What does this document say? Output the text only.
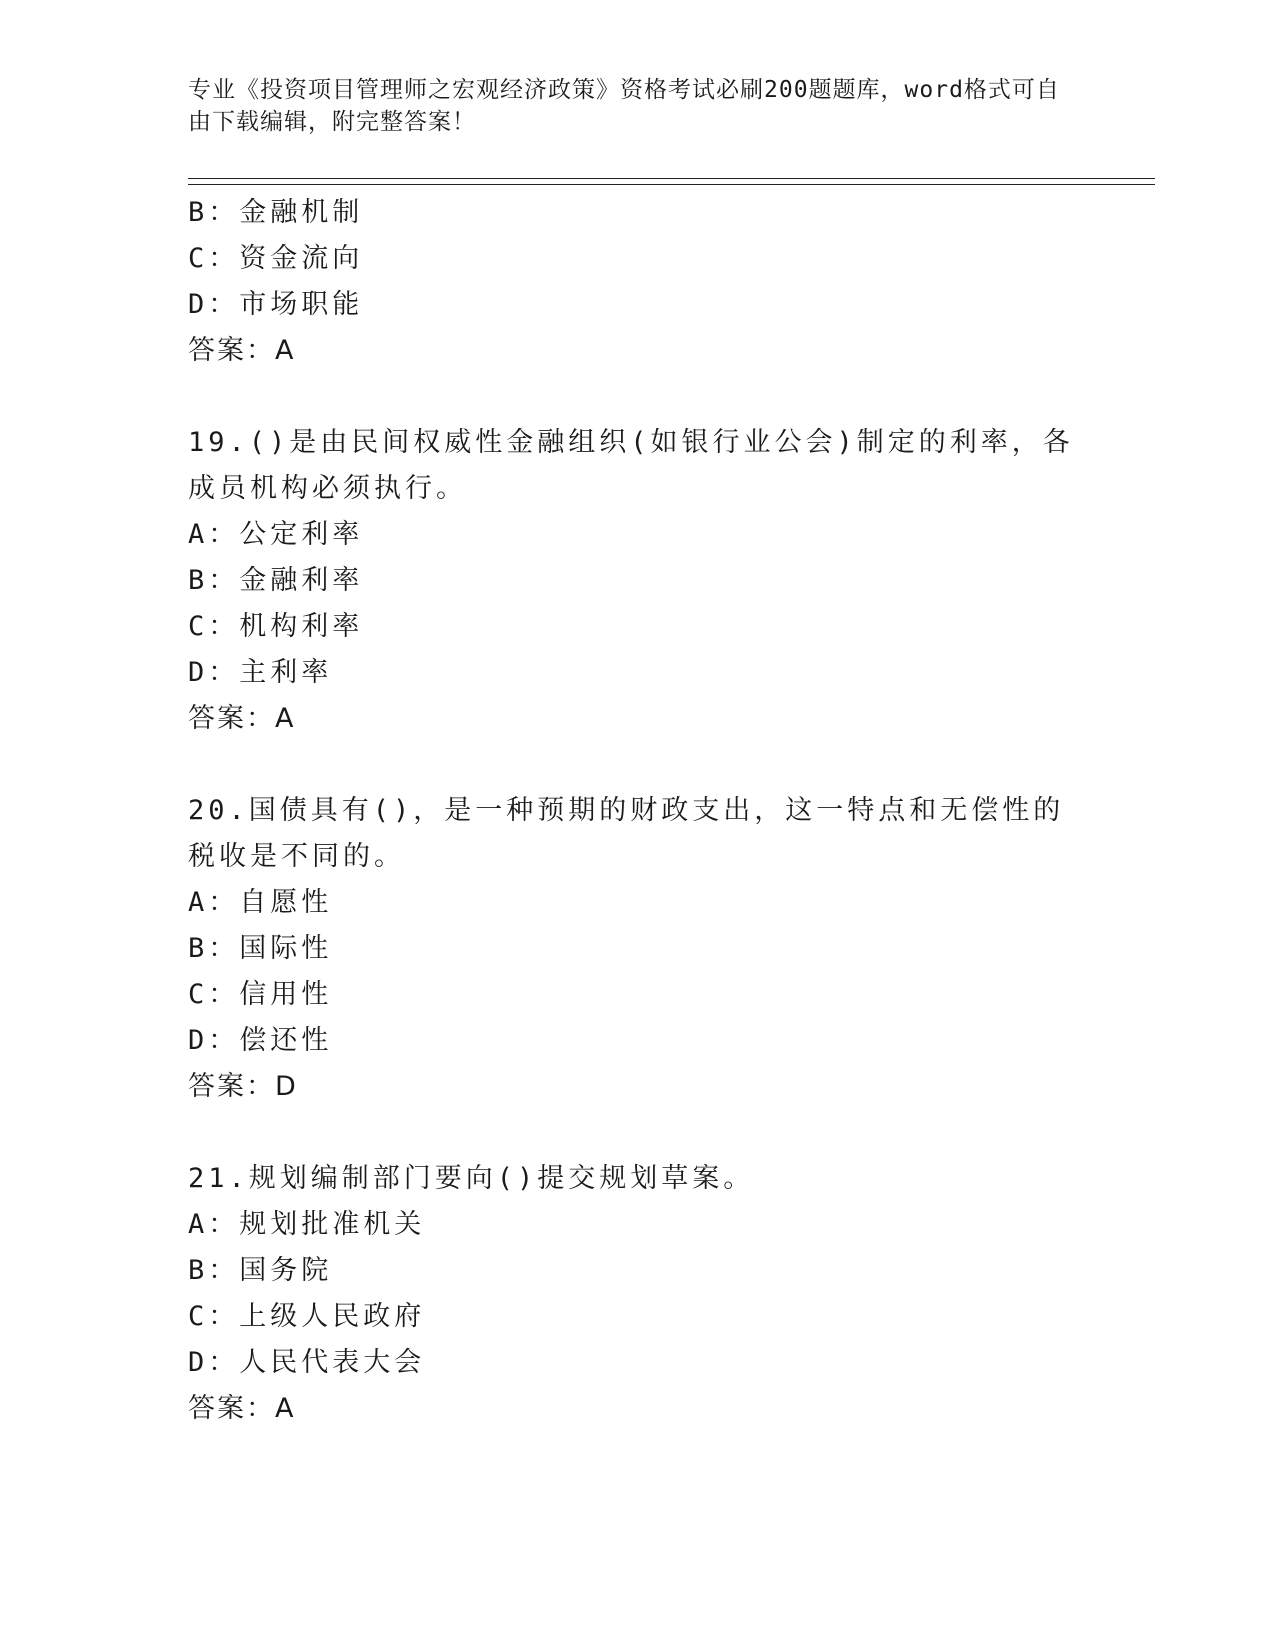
专业《投资项目管理师之宏观经济政策》资格考试必刷200题题库，word格式可自由下载编辑，附完整答案！
B：金融机制
C：资金流向
D：市场职能
答案：A
19.()是由民间权威性金融组织(如银行业公会)制定的利率，各成员机构必须执行。
A：公定利率
B：金融利率
C：机构利率
D：主利率
答案：A
20.国债具有()，是一种预期的财政支出，这一特点和无偿性的税收是不同的。
A：自愿性
B：国际性
C：信用性
D：偿还性
答案：D
21.规划编制部门要向()提交规划草案。
A：规划批准机关
B：国务院
C：上级人民政府
D：人民代表大会
答案：A
